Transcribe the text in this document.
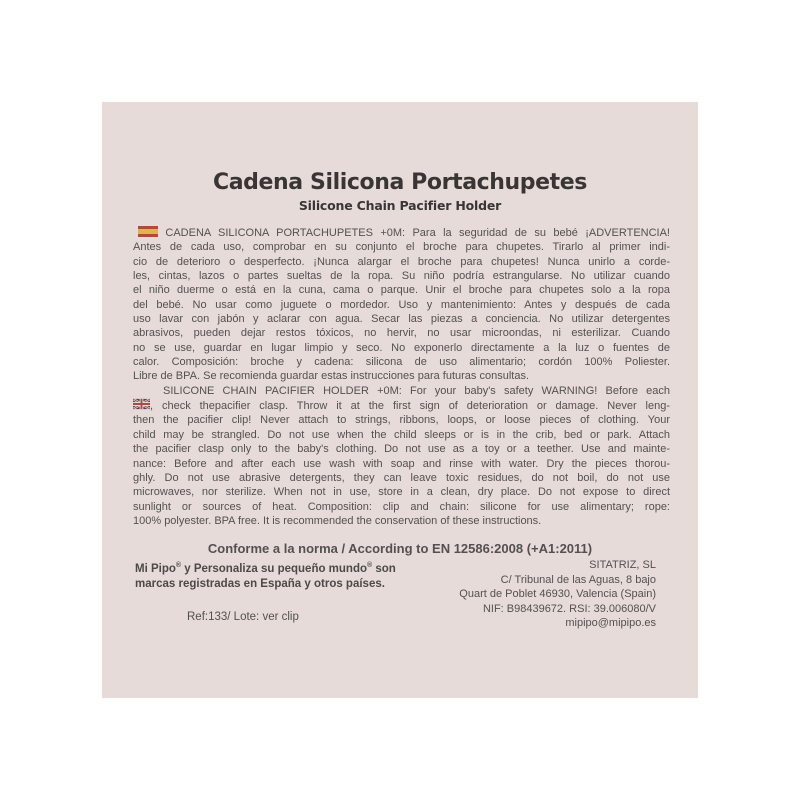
Cadena Silicona Portachupetes
Silicone Chain Pacifier Holder
CADENA SILICONA PORTACHUPETES +0M: Para la seguridad de su bebé ¡ADVERTENCIA!
Antes de cada uso, comprobar en su conjunto el broche para chupetes. Tirarlo al primer indi-
cio de deterioro o desperfecto. ¡Nunca alargar el broche para chupetes! Nunca unirlo a corde-
les, cintas, lazos o partes sueltas de la ropa. Su niño podría estrangularse. No utilizar cuando
el niño duerme o está en la cuna, cama o parque. Unir el broche para chupetes solo a la ropa
del bebé. No usar como juguete o mordedor. Uso y mantenimiento: Antes y después de cada
uso lavar con jabón y aclarar con agua. Secar las piezas a conciencia. No utilizar detergentes
abrasivos, pueden dejar restos tóxicos, no hervir, no usar microondas, ni esterilizar. Cuando
no se use, guardar en lugar limpio y seco. No exponerlo directamente a la luz o fuentes de
calor. Composición: broche y cadena: silicona de uso alimentario; cordón 100% Poliester.
Libre de BPA. Se recomienda guardar estas instrucciones para futuras consultas.
SILICONE CHAIN PACIFIER HOLDER +0M: For your baby's safety WARNING! Before each
, check thepacifier clasp. Throw it at the first sign of deterioration or damage. Never leng-
then the pacifier clip! Never attach to strings, ribbons, loops, or loose pieces of clothing. Your
child may be strangled. Do not use when the child sleeps or is in the crib, bed or park. Attach
the pacifier clasp only to the baby's clothing. Do not use as a toy or a teether. Use and mainte-
nance: Before and after each use wash with soap and rinse with water. Dry the pieces thorou-
ghly. Do not use abrasive detergents, they can leave toxic residues, do not boil, do not use
microwaves, nor sterilize. When not in use, store in a clean, dry place. Do not expose to direct
sunlight or sources of heat. Composition: clip and chain: silicone for use alimentary; rope:
100% polyester. BPA free. It is recommended the conservation of these instructions.
Conforme a la norma / According to EN 12586:2008 (+A1:2011)
Mi Pipo® y Personaliza su pequeño mundo® son
marcas registradas en España y otros países.
SITATRIZ, SL
C/ Tribunal de las Aguas, 8 bajo
Quart de Poblet 46930, Valencia (Spain)
NIF: B98439672. RSI: 39.006080/V
mipipo@mipipo.es
Ref:133/ Lote: ver clip
